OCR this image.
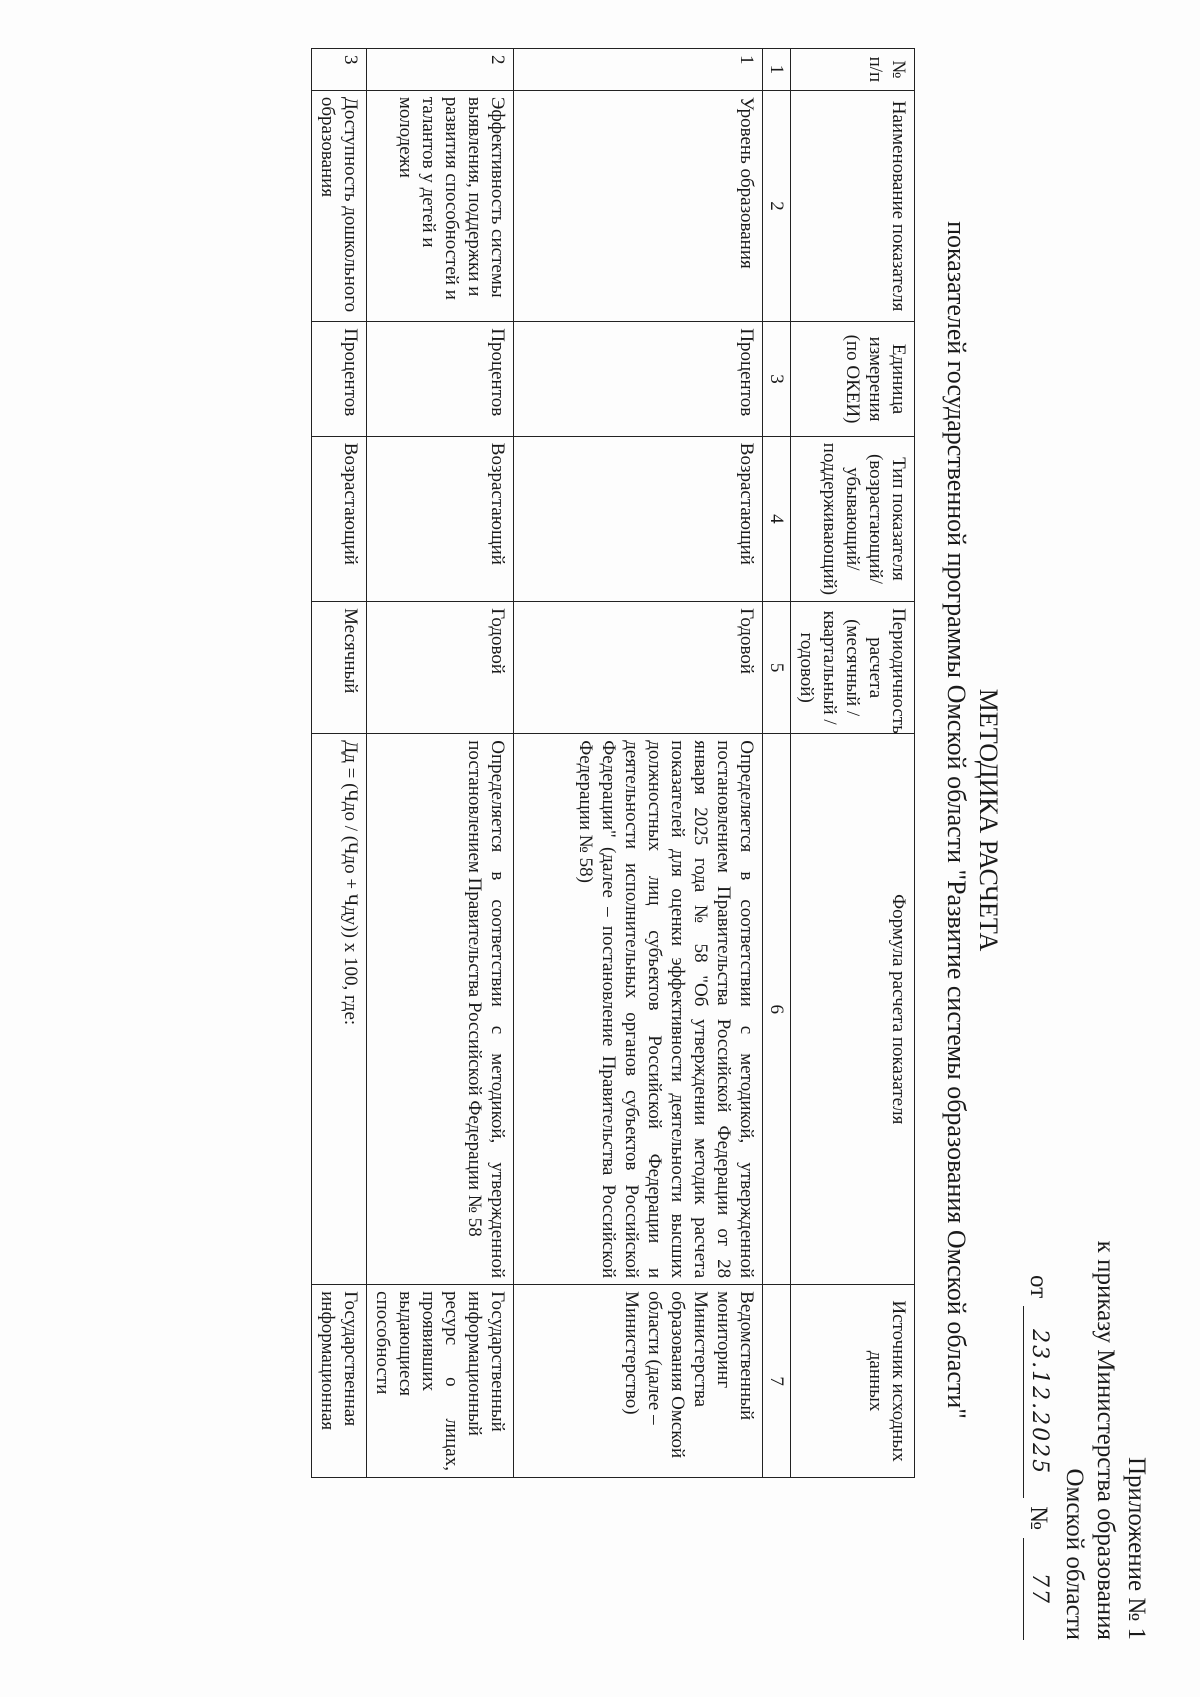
Приложение № 1
к приказу Министерства образования
Омской области
от
23.12.2025
№
77
МЕТОДИКА РАСЧЕТА
показателей государственной программы Омской области "Развитие системы образования Омской области"
№ п/п	Наименование показателя	Единица измерения (по ОКЕИ)	Тип показателя (возрастающий/ убывающий/ поддерживающий)	Периодичность расчета (месячный / квартальный / годовой)	Формула расчета показателя	Источник исходных данных
1	2	3	4	5	6	7
1	Уровень образования	Процентов	Возрастающий	Годовой	Определяется в соответствии с методикой, утвержденной постановлением Правительства Российской Федерации от 28 января 2025 года № 58 "Об утверждении методик расчета показателей для оценки эффективности деятельности высших должностных лиц субъектов Российской Федерации и деятельности исполнительных органов субъектов Российской Федерации" (далее – постановление Правительства Российской Федерации № 58)	Ведомственный мониторинг Министерства образования Омской области (далее – Министерство)
2	Эффективность системы выявления, поддержки и развития способностей и талантов у детей и молодежи	Процентов	Возрастающий	Годовой	Определяется в соответствии с методикой, утвержденной постановлением Правительства Российской Федерации № 58	Государственный информационный ресурс о лицах, проявивших выдающиеся способности
3	Доступность дошкольного образования	Процентов	Возрастающий	Месячный	Дд = (Чдо / (Чдо + Чду)) х 100, где:	Государственная информационная
